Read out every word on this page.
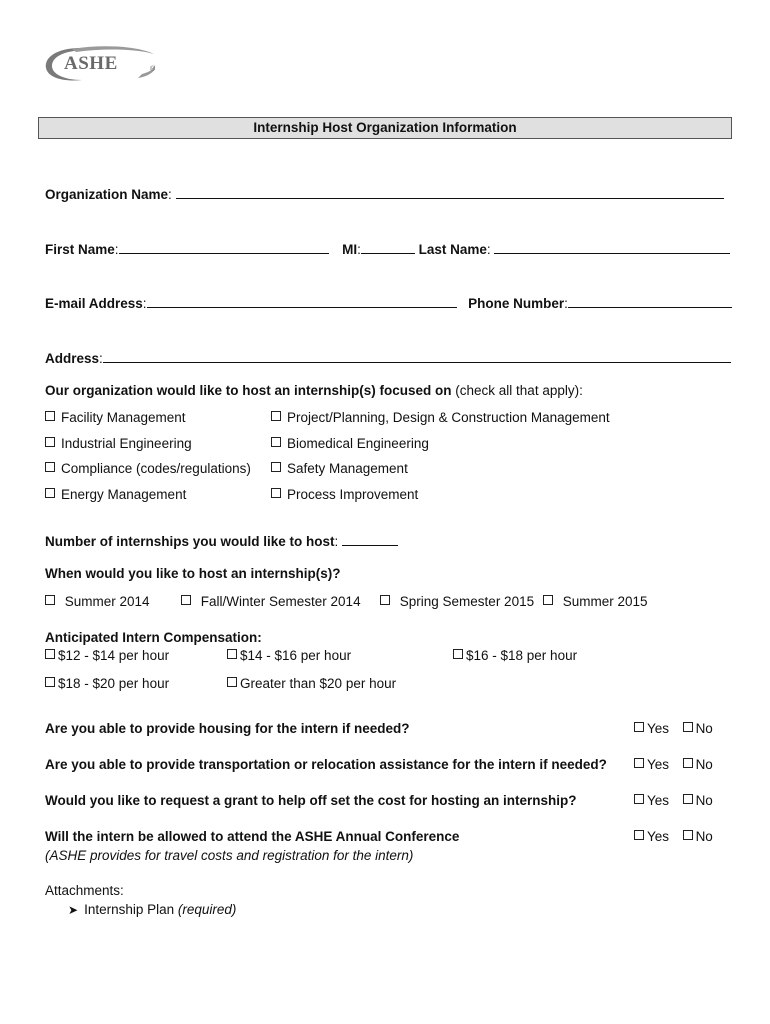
ASHE	®
Internship Host Organization Information
Organization Name:
First Name:	MI:	Last Name:
E-mail Address:	Phone Number:
Address:
Our organization would like to host an internship(s) focused on (check all that apply):
Facility Management	Project/Planning, Design & Construction Management
Industrial Engineering	Biomedical Engineering
Compliance (codes/regulations)	Safety Management
Energy Management	Process Improvement
Number of internships you would like to host:
When would you like to host an internship(s)?
Summer 2014	Fall/Winter Semester 2014	Spring Semester 2015	Summer 2015
Anticipated Intern Compensation:
$12 - $14 per hour	$14 - $16 per hour	$16 - $18 per hour
$18 - $20 per hour	Greater than $20 per hour
Are you able to provide housing for the intern if needed?	Yes No
Are you able to provide transportation or relocation assistance for the intern if needed?	Yes No
Would you like to request a grant to help off set the cost for hosting an internship?	Yes No
Will the intern be allowed to attend the ASHE Annual Conference
(ASHE provides for travel costs and registration for the intern)
Yes No
Attachments:
➤ Internship Plan (required)
